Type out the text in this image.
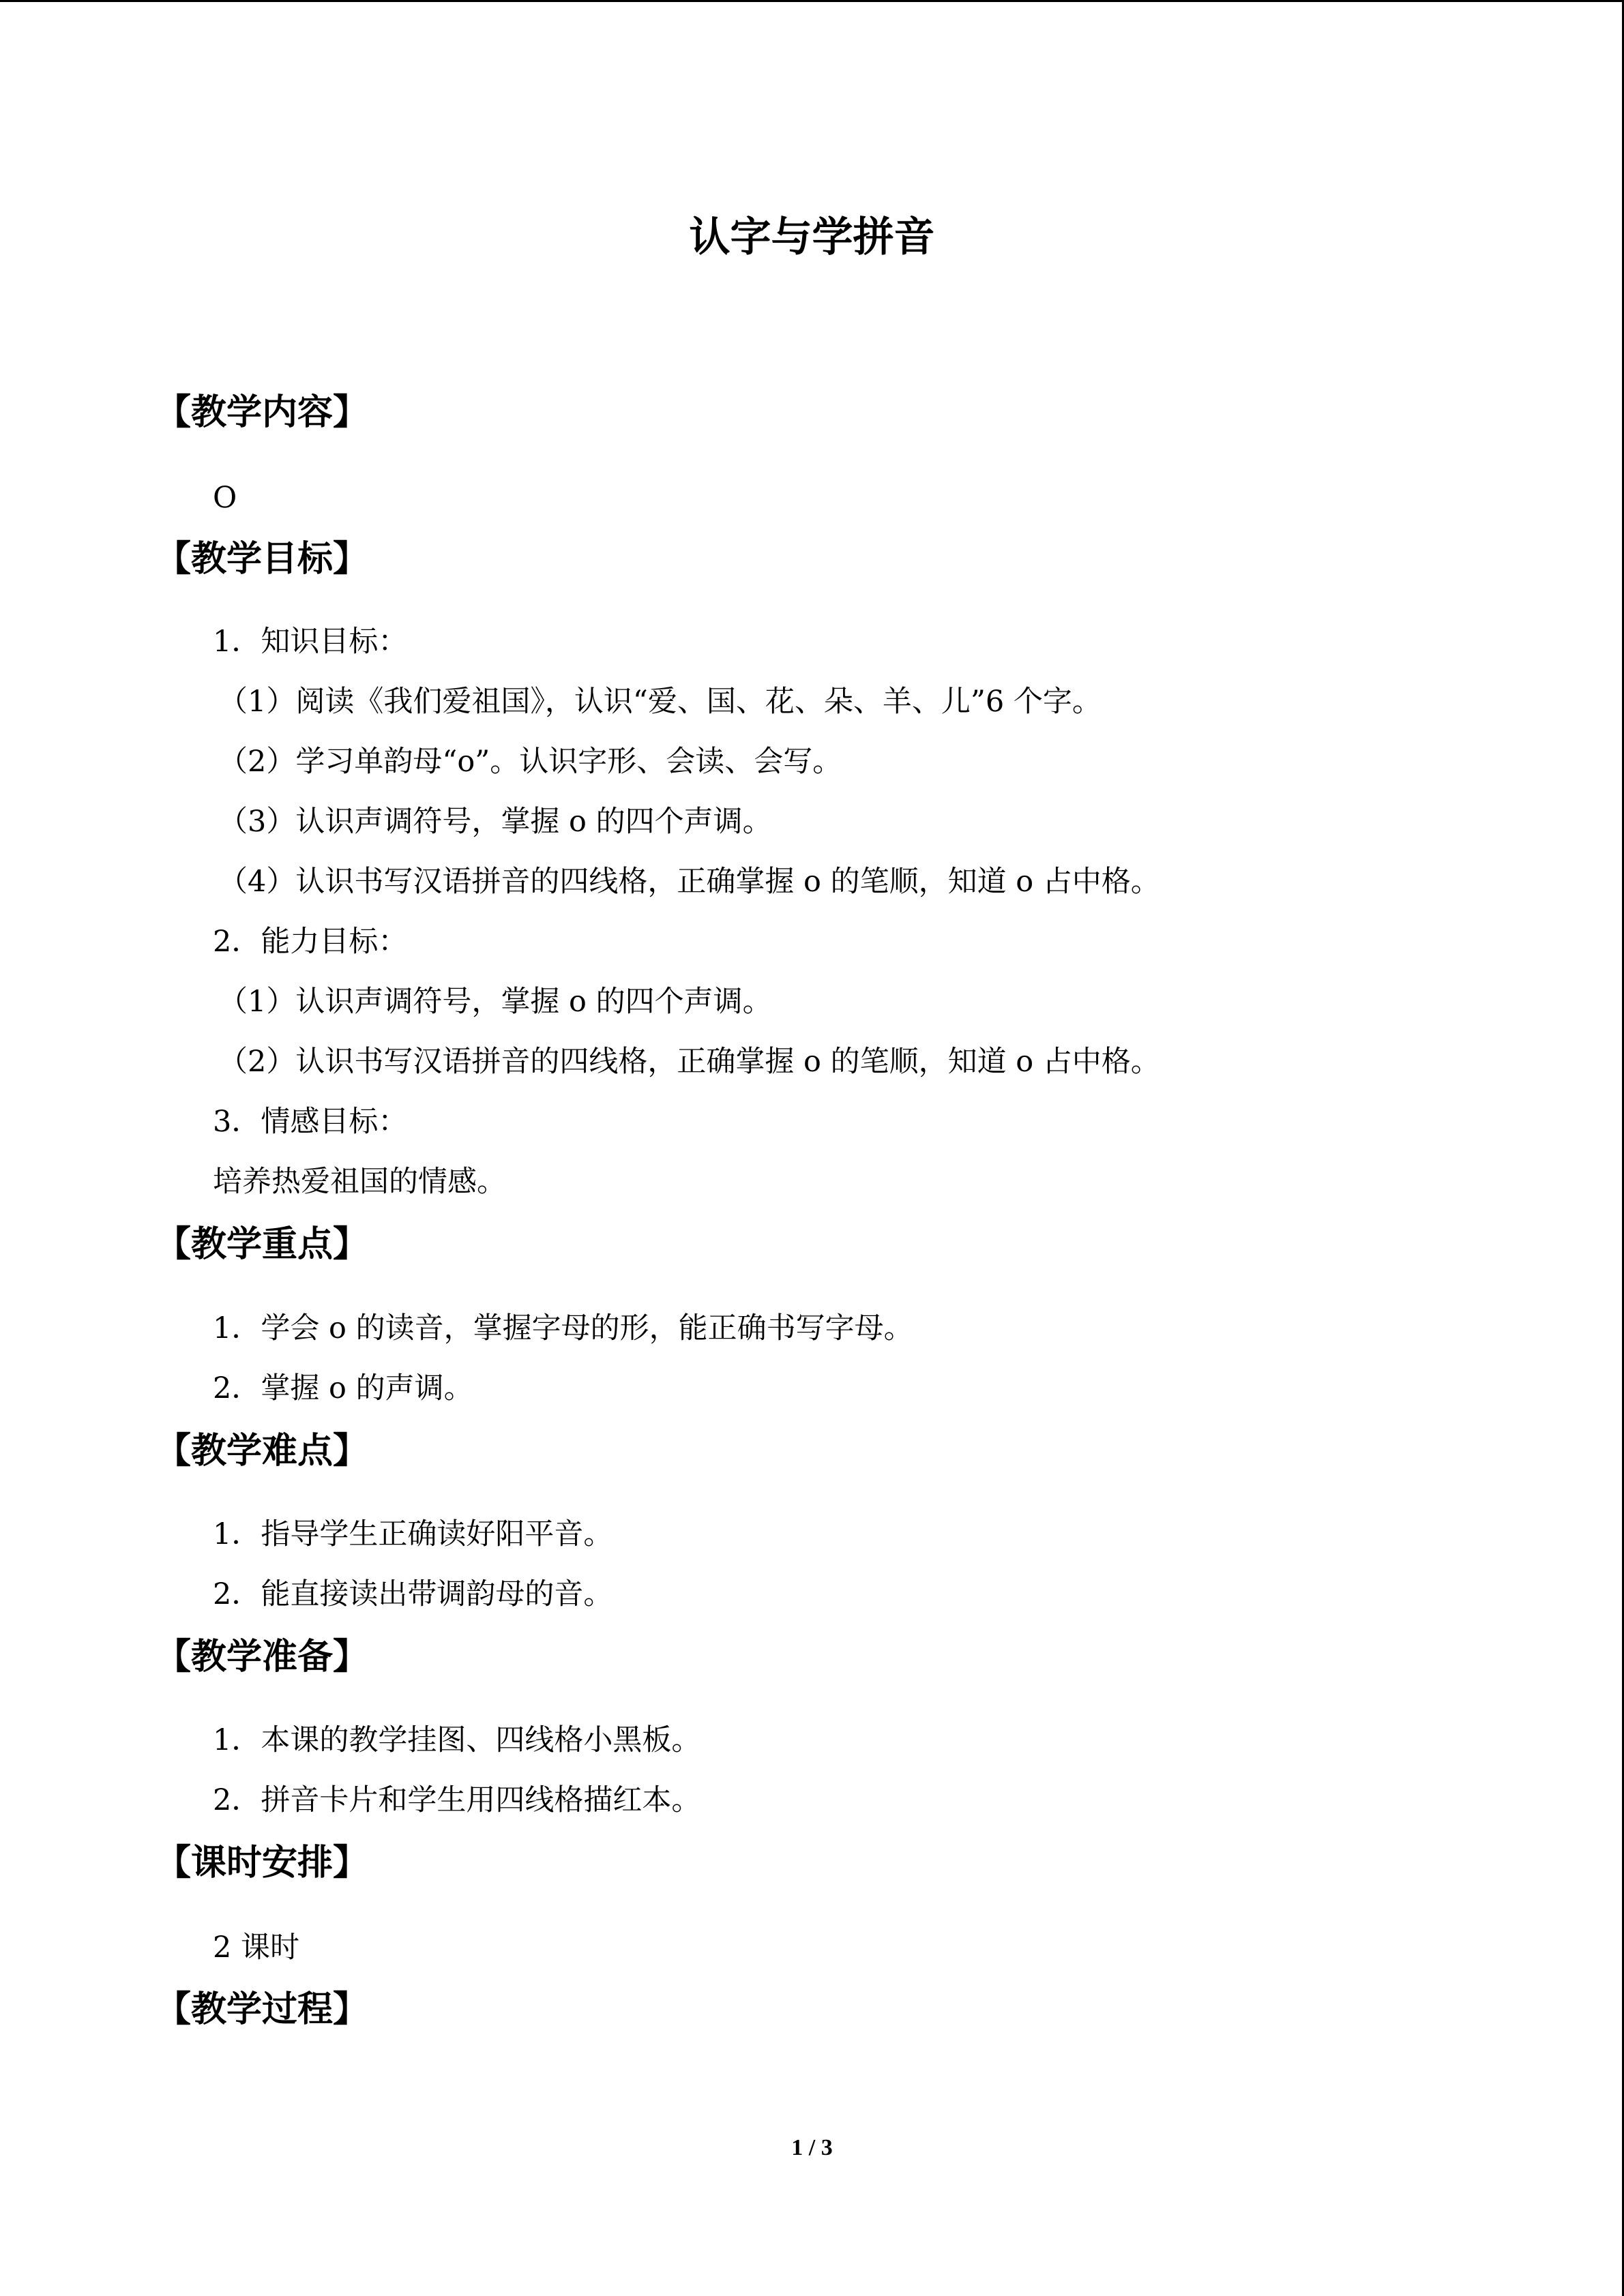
认字与学拼音
【教学内容】
O
【教学目标】
1．知识目标：
（1）阅读《我们爱祖国》，认识“爱、国、花、朵、羊、儿”6 个字。
（2）学习单韵母“o”。认识字形、会读、会写。
（3）认识声调符号，掌握 o 的四个声调。
（4）认识书写汉语拼音的四线格，正确掌握 o 的笔顺，知道 o 占中格。
2．能力目标：
（1）认识声调符号，掌握 o 的四个声调。
（2）认识书写汉语拼音的四线格，正确掌握 o 的笔顺，知道 o 占中格。
3．情感目标：
培养热爱祖国的情感。
【教学重点】
1．学会 o 的读音，掌握字母的形，能正确书写字母。
2．掌握 o 的声调。
【教学难点】
1．指导学生正确读好阳平音。
2．能直接读出带调韵母的音。
【教学准备】
1．本课的教学挂图、四线格小黑板。
2．拼音卡片和学生用四线格描红本。
【课时安排】
2 课时
【教学过程】
1 / 3
